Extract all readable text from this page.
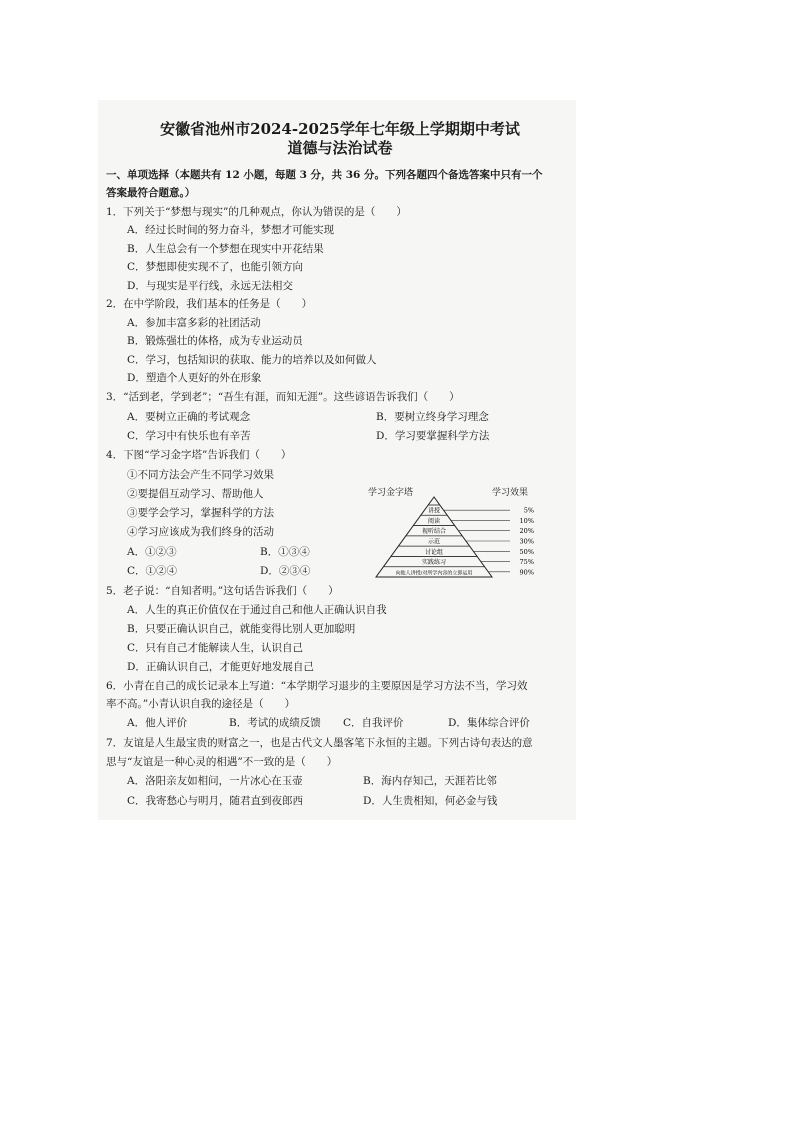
安徽省池州市2024-2025学年七年级上学期期中考试
道德与法治试卷
一、单项选择（本题共有 12 小题，每题 3 分，共 36 分。下列各题四个备选答案中只有一个
答案最符合题意。）
1．下列关于“梦想与现实”的几种观点，你认为错误的是（　　）
A．经过长时间的努力奋斗，梦想才可能实现
B．人生总会有一个梦想在现实中开花结果
C．梦想即使实现不了，也能引领方向
D．与现实是平行线，永远无法相交
2．在中学阶段，我们基本的任务是（　　）
A．参加丰富多彩的社团活动
B．锻炼强壮的体格，成为专业运动员
C．学习，包括知识的获取、能力的培养以及如何做人
D．塑造个人更好的外在形象
3．“活到老，学到老”；“吾生有涯，而知无涯”。这些谚语告诉我们（　　）
A．要树立正确的考试观念	B．要树立终身学习理念
C．学习中有快乐也有辛苦	D．学习要掌握科学方法
4．下图“学习金字塔”告诉我们（　　）
①不同方法会产生不同学习效果
②要提倡互动学习、帮助他人
③要学会学习，掌握科学的方法
④学习应该成为我们终身的活动
A．①②③	B．①③④
C．①②④	D．②③④
学习金字塔	学习效果
讲授	5%
阅读	10%
视听结合	20%
示范	30%
讨论组	50%
实践练习	75%
向他人讲授/对所学内容的立即运用	90%
5．老子说：“自知者明。”这句话告诉我们（　　）
A．人生的真正价值仅在于通过自己和他人正确认识自我
B．只要正确认识自己，就能变得比别人更加聪明
C．只有自己才能解读人生，认识自己
D．正确认识自己，才能更好地发展自己
6．小青在自己的成长记录本上写道：“本学期学习退步的主要原因是学习方法不当，学习效
率不高。”小青认识自我的途径是（　　）
A．他人评价	B．考试的成绩反馈 C．自我评价	D．集体综合评价
7．友谊是人生最宝贵的财富之一，也是古代文人墨客笔下永恒的主题。下列古诗句表达的意
思与“友谊是一种心灵的相遇”不一致的是（　　）
A．洛阳亲友如相问，一片冰心在玉壶	B．海内存知己，天涯若比邻
C．我寄愁心与明月，随君直到夜郎西	D．人生贵相知，何必金与钱
